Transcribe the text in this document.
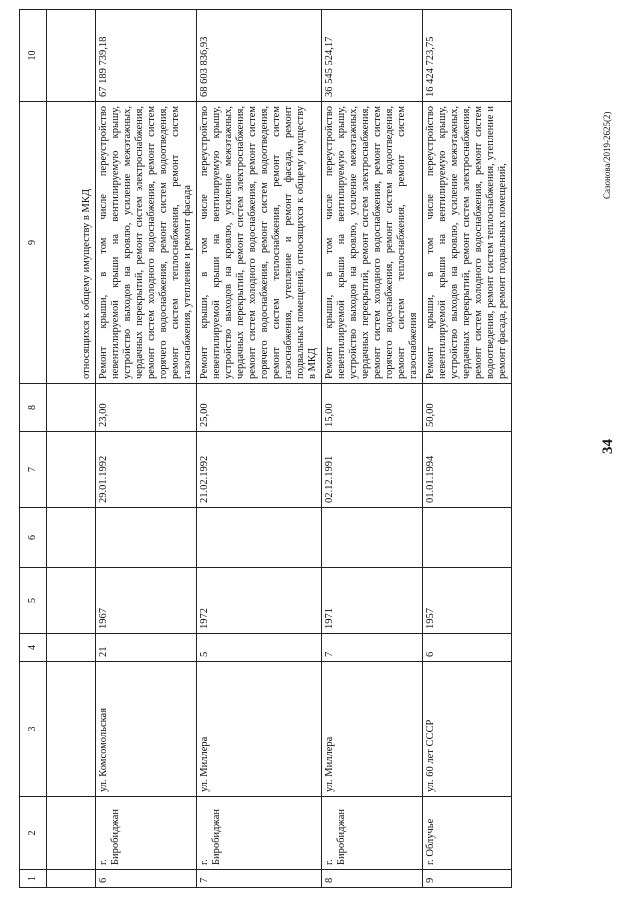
1	2	3	4	5	6	7	8	9	10
								относящихся к общему имуществу в МКД	
6	г. Биробиджан	ул. Комсомольская	21	1967		29.01.1992	23,00	Ремонт крыши, в том числе переустройство невентилируемой крыши на вентилируемую крышу, устройство выходов на кровлю, усиление межэтажных, чердачных перекрытий, ремонт систем электроснабжения, ремонт систем холодного водоснабжения, ремонт систем горячего водоснабжения, ремонт систем водоотведения, ремонт систем теплоснабжения, ремонт систем газоснабжения, утепление и ремонт фасада	67 189 739,18
7	г. Биробиджан	ул. Миллера	5	1972		21.02.1992	25,00	Ремонт крыши, в том числе переустройство невентилируемой крыши на вентилируемую крышу, устройство выходов на кровлю, усиление межэтажных, чердачных перекрытий, ремонт систем электроснабжения, ремонт систем холодного водоснабжения, ремонт систем горячего водоснабжения, ремонт систем водоотведения, ремонт систем теплоснабжения, ремонт систем газоснабжения, утепление и ремонт фасада, ремонт подвальных помещений, относящихся к общему имуществу в МКД	68 603 836,93
8	г. Биробиджан	ул. Миллера	7	1971		02.12.1991	15,00	Ремонт крыши, в том числе переустройство невентилируемой крыши на вентилируемую крышу, устройство выходов на кровлю, усиление межэтажных, чердачных перекрытий, ремонт систем электроснабжения, ремонт систем холодного водоснабжения, ремонт систем горячего водоснабжения, ремонт систем водоотведения, ремонт систем теплоснабжения, ремонт систем газоснабжения	36 545 524,17
9	г. Облучье	ул. 60 лет СССР	6	1957		01.01.1994	50,00	Ремонт крыши, в том числе переустройство невентилируемой крыши на вентилируемую крышу, устройство выходов на кровлю, усиление межэтажных, чердачных перекрытий, ремонт систем электроснабжения, ремонт систем холодного водоснабжения, ремонт систем водоотведения, ремонт систем теплоснабжения, утепление и ремонт фасада, ремонт подвальных помещений,	16 424 723,75
34
Сазонова/2019-2625(2)
